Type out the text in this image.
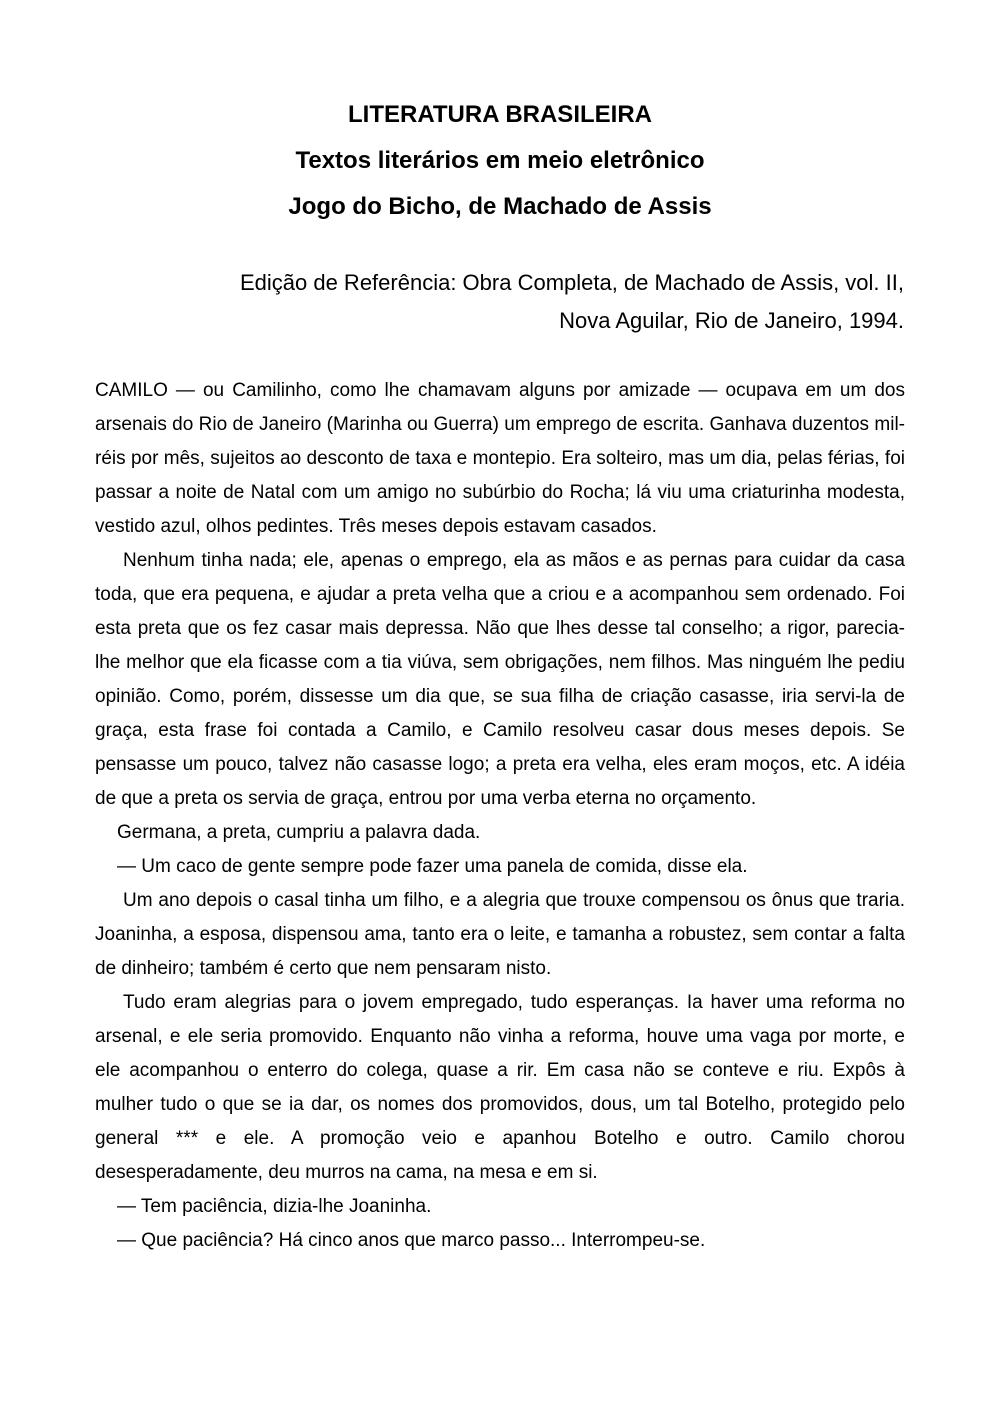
LITERATURA BRASILEIRA
Textos literários em meio eletrônico
Jogo do Bicho, de Machado de Assis
Edição de Referência: Obra Completa, de Machado de Assis, vol. II,
Nova Aguilar, Rio de Janeiro, 1994.

CAMILO — ou Camilinho, como lhe chamavam alguns por amizade — ocupava em um dos arsenais do Rio de Janeiro (Marinha ou Guerra) um emprego de escrita. Ganhava duzentos mil-réis por mês, sujeitos ao desconto de taxa e montepio. Era solteiro, mas um dia, pelas férias, foi passar a noite de Natal com um amigo no subúrbio do Rocha; lá viu uma criaturinha modesta, vestido azul, olhos pedintes. Três meses depois estavam casados.

Nenhum tinha nada; ele, apenas o emprego, ela as mãos e as pernas para cuidar da casa toda, que era pequena, e ajudar a preta velha que a criou e a acompanhou sem ordenado. Foi esta preta que os fez casar mais depressa. Não que lhes desse tal conselho; a rigor, parecia-lhe melhor que ela ficasse com a tia viúva, sem obrigações, nem filhos. Mas ninguém lhe pediu opinião. Como, porém, dissesse um dia que, se sua filha de criação casasse, iria servi-la de graça, esta frase foi contada a Camilo, e Camilo resolveu casar dous meses depois. Se pensasse um pouco, talvez não casasse logo; a preta era velha, eles eram moços, etc. A idéia de que a preta os servia de graça, entrou por uma verba eterna no orçamento.

Germana, a preta, cumpriu a palavra dada.

— Um caco de gente sempre pode fazer uma panela de comida, disse ela.

Um ano depois o casal tinha um filho, e a alegria que trouxe compensou os ônus que traria. Joaninha, a esposa, dispensou ama, tanto era o leite, e tamanha a robustez, sem contar a falta de dinheiro; também é certo que nem pensaram nisto.

Tudo eram alegrias para o jovem empregado, tudo esperanças. Ia haver uma reforma no arsenal, e ele seria promovido. Enquanto não vinha a reforma, houve uma vaga por morte, e ele acompanhou o enterro do colega, quase a rir. Em casa não se conteve e riu. Expôs à mulher tudo o que se ia dar, os nomes dos promovidos, dous, um tal Botelho, protegido pelo general *** e ele. A promoção veio e apanhou Botelho e outro. Camilo chorou desesperadamente, deu murros na cama, na mesa e em si.

— Tem paciência, dizia-lhe Joaninha.

— Que paciência? Há cinco anos que marco passo... Interrompeu-se.
